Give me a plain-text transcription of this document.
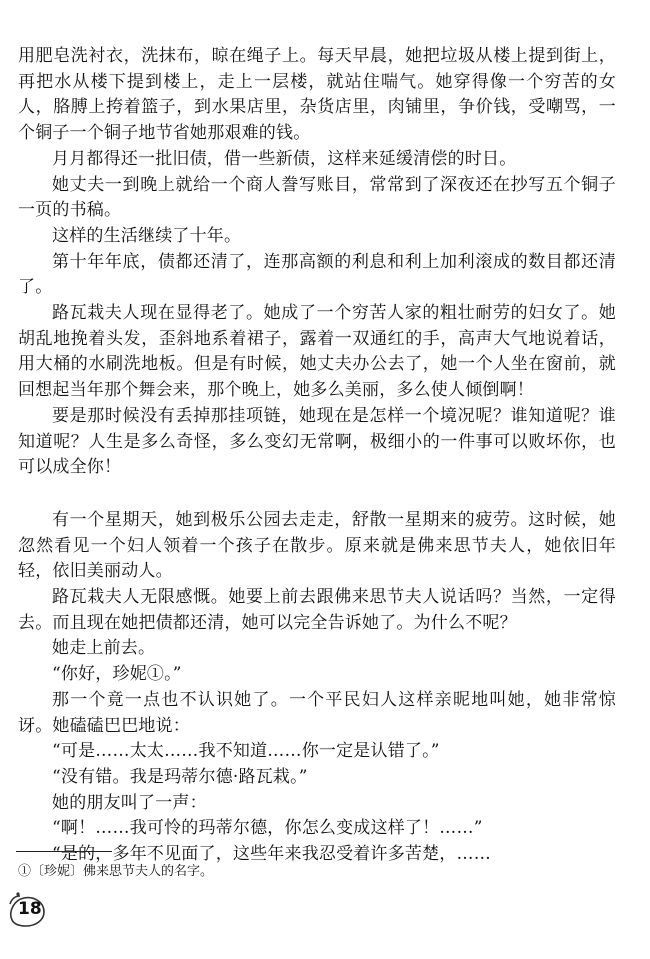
用肥皂洗衬衣，洗抹布，晾在绳子上。每天早晨，她把垃圾从楼上提到街上，再把水从楼下提到楼上，走上一层楼，就站住喘气。她穿得像一个穷苦的女人，胳膊上挎着篮子，到水果店里，杂货店里，肉铺里，争价钱，受嘲骂，一个铜子一个铜子地节省她那艰难的钱。

月月都得还一批旧债，借一些新债，这样来延缓清偿的时日。

她丈夫一到晚上就给一个商人誊写账目，常常到了深夜还在抄写五个铜子一页的书稿。

这样的生活继续了十年。

第十年年底，债都还清了，连那高额的利息和利上加利滚成的数目都还清了。

路瓦栽夫人现在显得老了。她成了一个穷苦人家的粗壮耐劳的妇女了。她胡乱地挽着头发，歪斜地系着裙子，露着一双通红的手，高声大气地说着话，用大桶的水刷洗地板。但是有时候，她丈夫办公去了，她一个人坐在窗前，就回想起当年那个舞会来，那个晚上，她多么美丽，多么使人倾倒啊！

要是那时候没有丢掉那挂项链，她现在是怎样一个境况呢？谁知道呢？谁知道呢？人生是多么奇怪，多么变幻无常啊，极细小的一件事可以败坏你，也可以成全你！

有一个星期天，她到极乐公园去走走，舒散一星期来的疲劳。这时候，她忽然看见一个妇人领着一个孩子在散步。原来就是佛来思节夫人，她依旧年轻，依旧美丽动人。

路瓦栽夫人无限感慨。她要上前去跟佛来思节夫人说话吗？当然，一定得去。而且现在她把债都还清，她可以完全告诉她了。为什么不呢？

她走上前去。

“你好，珍妮①。”

那一个竟一点也不认识她了。一个平民妇人这样亲昵地叫她，她非常惊讶。她磕磕巴巴地说：

“可是……太太……我不知道……你一定是认错了。”

“没有错。我是玛蒂尔德·路瓦栽。”

她的朋友叫了一声：

“啊！……我可怜的玛蒂尔德，你怎么变成这样了！……”

“是的，多年不见面了，这些年来我忍受着许多苦楚，……

①〔珍妮〕佛来思节夫人的名字。
18
